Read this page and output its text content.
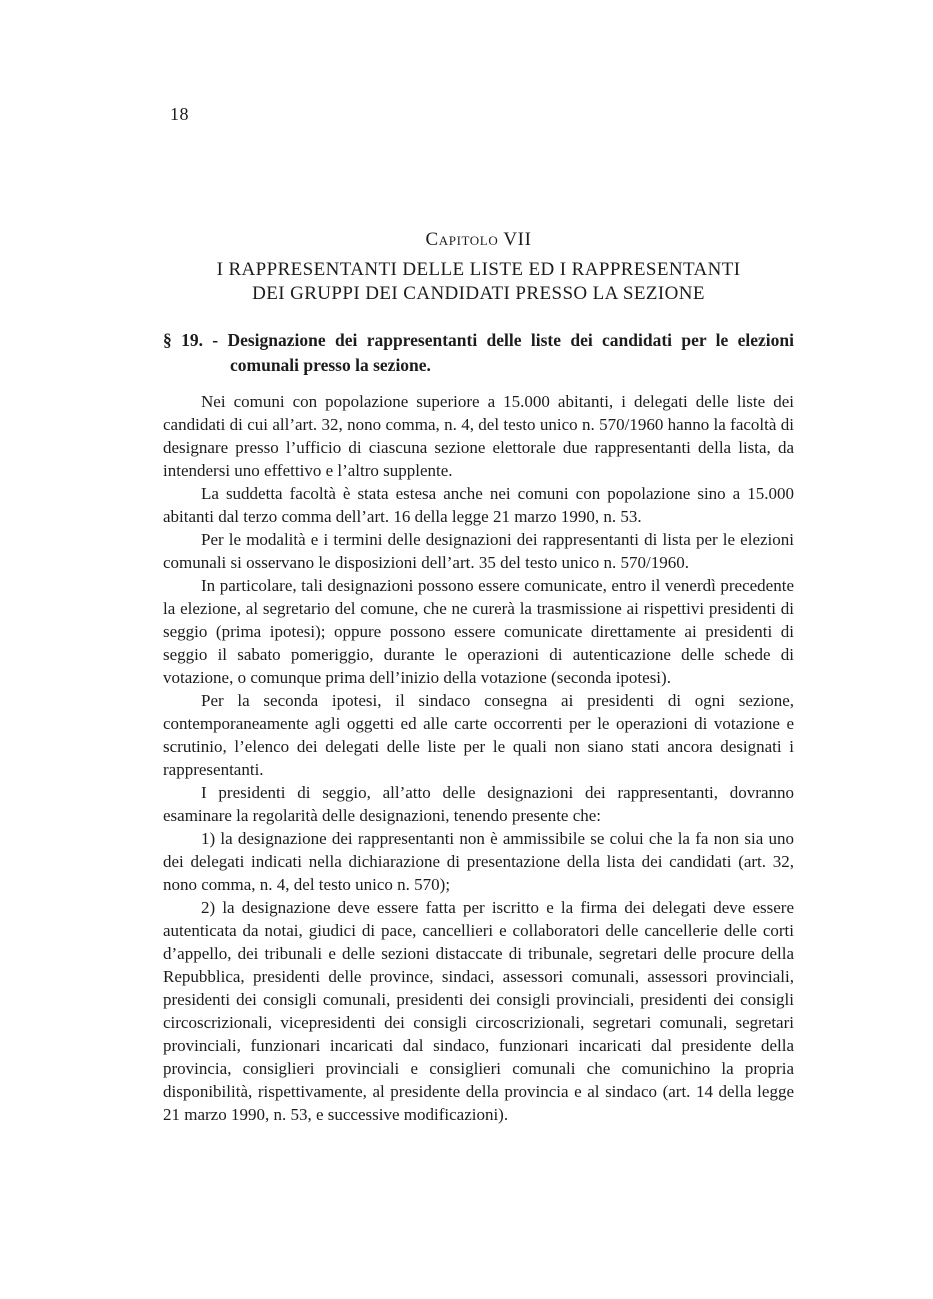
18
Capitolo VII
I RAPPRESENTANTI DELLE LISTE ED I RAPPRESENTANTI
DEI GRUPPI DEI CANDIDATI PRESSO LA SEZIONE
§ 19. - Designazione dei rappresentanti delle liste dei candidati per le elezioni comunali presso la sezione.

Nei comuni con popolazione superiore a 15.000 abitanti, i delegati delle liste dei candidati di cui all’art. 32, nono comma, n. 4, del testo unico n. 570/1960 hanno la facoltà di designare presso l’ufficio di ciascuna sezione elettorale due rappresentanti della lista, da intendersi uno effettivo e l’altro supplente.

La suddetta facoltà è stata estesa anche nei comuni con popolazione sino a 15.000 abitanti dal terzo comma dell’art. 16 della legge 21 marzo 1990, n. 53.

Per le modalità e i termini delle designazioni dei rappresentanti di lista per le elezioni comunali si osservano le disposizioni dell’art. 35 del testo unico n. 570/1960.

In particolare, tali designazioni possono essere comunicate, entro il venerdì precedente la elezione, al segretario del comune, che ne curerà la trasmissione ai rispettivi presidenti di seggio (prima ipotesi); oppure possono essere comunicate direttamente ai presidenti di seggio il sabato pomeriggio, durante le operazioni di autenticazione delle schede di votazione, o comunque prima dell’inizio della votazione (seconda ipotesi).

Per la seconda ipotesi, il sindaco consegna ai presidenti di ogni sezione, contemporaneamente agli oggetti ed alle carte occorrenti per le operazioni di votazione e scrutinio, l’elenco dei delegati delle liste per le quali non siano stati ancora designati i rappresentanti.

I presidenti di seggio, all’atto delle designazioni dei rappresentanti, dovranno esaminare la regolarità delle designazioni, tenendo presente che:

1) la designazione dei rappresentanti non è ammissibile se colui che la fa non sia uno dei delegati indicati nella dichiarazione di presentazione della lista dei candidati (art. 32, nono comma, n. 4, del testo unico n. 570);

2) la designazione deve essere fatta per iscritto e la firma dei delegati deve essere autenticata da notai, giudici di pace, cancellieri e collaboratori delle cancellerie delle corti d’appello, dei tribunali e delle sezioni distaccate di tribunale, segretari delle procure della Repubblica, presidenti delle province, sindaci, assessori comunali, assessori provinciali, presidenti dei consigli comunali, presidenti dei consigli provinciali, presidenti dei consigli circoscrizionali, vicepresidenti dei consigli circoscrizionali, segretari comunali, segretari provinciali, funzionari incaricati dal sindaco, funzionari incaricati dal presidente della provincia, consiglieri provinciali e consiglieri comunali che comunichino la propria disponibilità, rispettivamente, al presidente della provincia e al sindaco (art. 14 della legge 21 marzo 1990, n. 53, e successive modificazioni).
